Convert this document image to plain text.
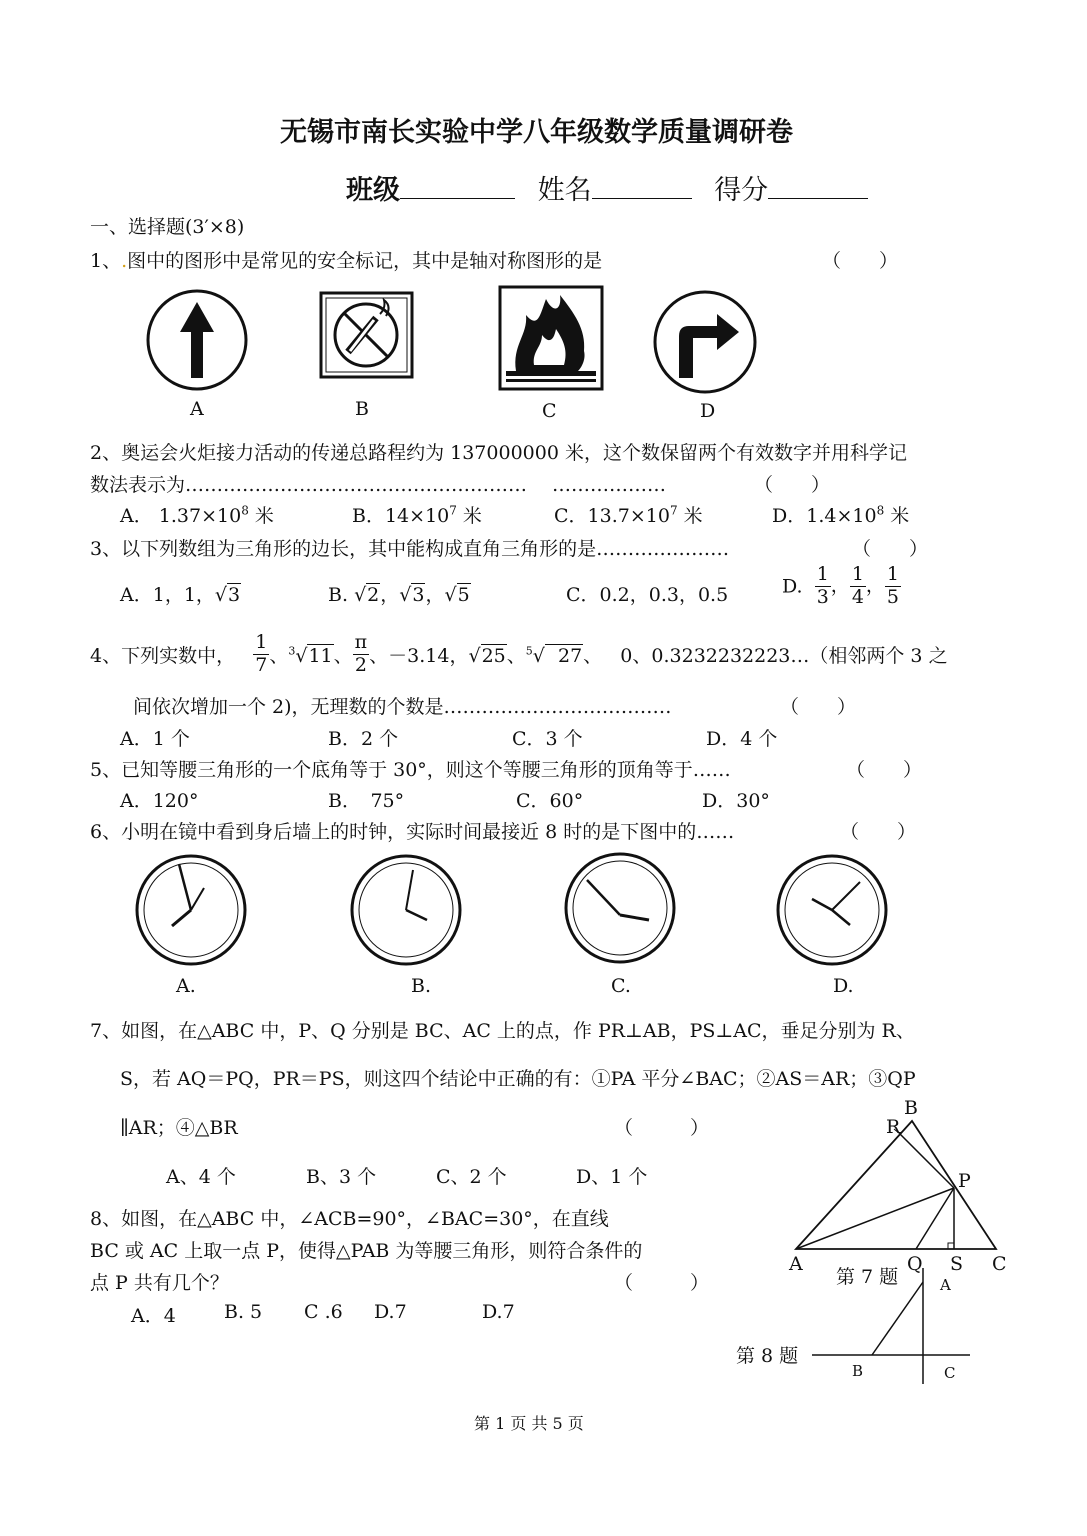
无锡市南长实验中学八年级数学质量调研卷
班级	姓名	得分
一、选择题(3′×8)
1、.图中的图形中是常见的安全标记，其中是轴对称图形的是	（　　）
A	B	C	D
2、奥运会火炬接力活动的传递总路程约为 137000000 米，这个数保留两个有效数字并用科学记
数法表示为………………………………………………　 ………………	（　　）
A． $1.37\times 10^8$ 米	B．$14\times 10^7$ 米	C．$13.7\times 10^7$ 米	D．$1.4\times 10^8$ 米
3、以下列数组为三角形的边长，其中能构成直角三角形的是…………………	（　　）
A．1，1，√3	B. √2，√3，√5	C．0.2，0.3，0.5	D. $\frac{1}{3}$ ， $\frac{1}{4}$ ， $\frac{1}{5}$
4、下列实数中， $\frac{1}{7}$ 、$^3$√11、 $\frac{\pi}{2}$ 、－3.14，√25、$^5$√ 27、   0、0.3232232223…（相邻两个 3 之
间依次增加一个 2)，无理数的个数是………………………………	（　　）
A．1 个	B．2 个	C．3 个	D．4 个
5、已知等腰三角形的一个底角等于 30°，则这个等腰三角形的顶角等于……	（　　）
A．120°	B．　75°	C．60°	D．30°
6、小明在镜中看到身后墙上的时钟，实际时间最接近 8 时的是下图中的……	（　　）
A.	B.	C.	D.
7、如图，在△ABC 中，P、Q 分别是 BC、AC 上的点，作 PR⊥AB，PS⊥AC，垂足分别为 R、
S，若 AQ＝PQ，PR＝PS，则这四个结论中正确的有：①PA 平分∠BAC；②AS＝AR；③QP
∥AR；④△BR	（　　　）
A、4 个	B、3 个	C、2 个	D、1 个
B
R
P
A	Q S C
第 7 题
8、如图，在△ABC 中，∠ACB=90°，∠BAC=30°，在直线
BC 或 AC 上取一点 P，使得△PAB 为等腰三角形，则符合条件的
点 P 共有几个？	（　　　）
A．4	B. 5 C .6 D.7	D.7
A
B	C
第 8 题
第 1 页 共 5 页
